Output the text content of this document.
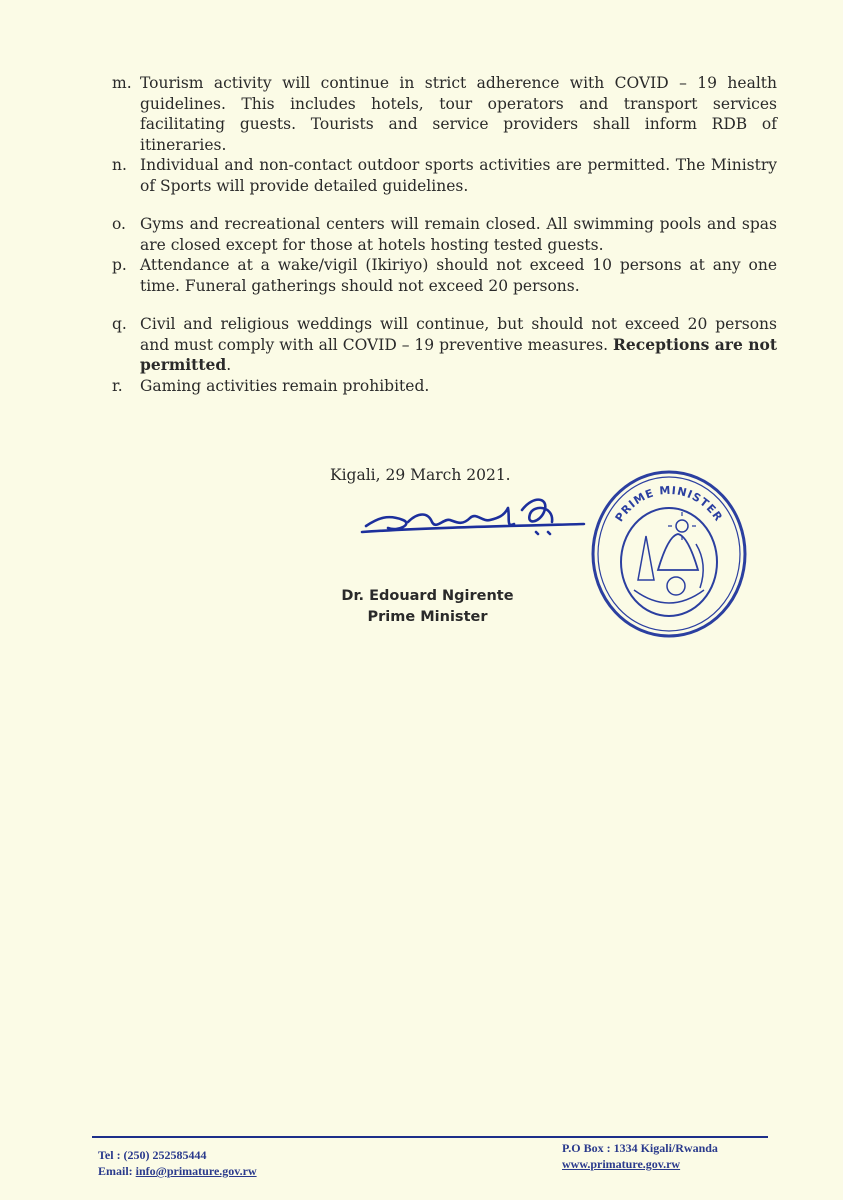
m. Tourism activity will continue in strict adherence with COVID – 19 health guidelines. This includes hotels, tour operators and transport services facilitating guests. Tourists and service providers shall inform RDB of itineraries.
n. Individual and non-contact outdoor sports activities are permitted. The Ministry of Sports will provide detailed guidelines.
o. Gyms and recreational centers will remain closed. All swimming pools and spas are closed except for those at hotels hosting tested guests.
p. Attendance at a wake/vigil (Ikiriyo) should not exceed 10 persons at any one time. Funeral gatherings should not exceed 20 persons.
q. Civil and religious weddings will continue, but should not exceed 20 persons and must comply with all COVID – 19 preventive measures. Receptions are not permitted.
r.	Gaming activities remain prohibited.
Kigali, 29 March 2021.
Dr. Edouard Ngirente
Prime Minister
PRIME MINISTER
Tel : (250) 252585444
Email: info@primature.gov.rw
P.O Box : 1334 Kigali/Rwanda
www.primature.gov.rw
